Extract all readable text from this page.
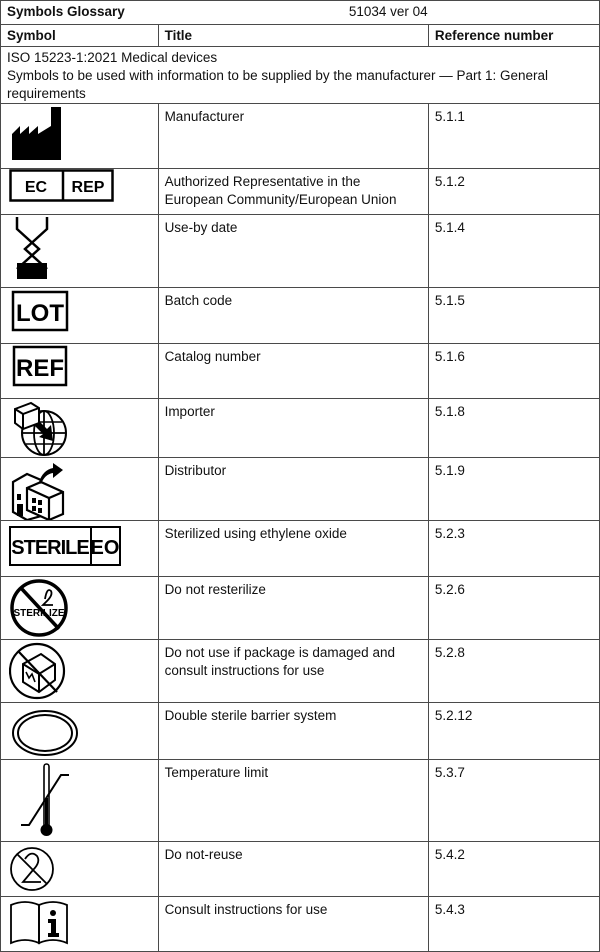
Symbols Glossary 51034 ver 04		
Symbol	Title	Reference number

ISO 15223-1:2021 Medical devices
Symbols to be used with information to be supplied by the manufacturer — Part 1: General requirements		

	Manufacturer	5.1.1

EC REP	Authorized Representative in the European Community/European Union	5.1.2

	Use-by date	5.1.4

LOT	Batch code	5.1.5

REF	Catalog number	5.1.6

	Importer	5.1.8

	Distributor	5.1.9

STERILE EO	Sterilized using ethylene oxide	5.2.3

STERILIZE	Do not resterilize	5.2.6

	Do not use if package is damaged and consult instructions for use	5.2.8

	Double sterile barrier system	5.2.12

	Temperature limit	5.3.7

	Do not-reuse	5.4.2

	Consult instructions for use	5.4.3
